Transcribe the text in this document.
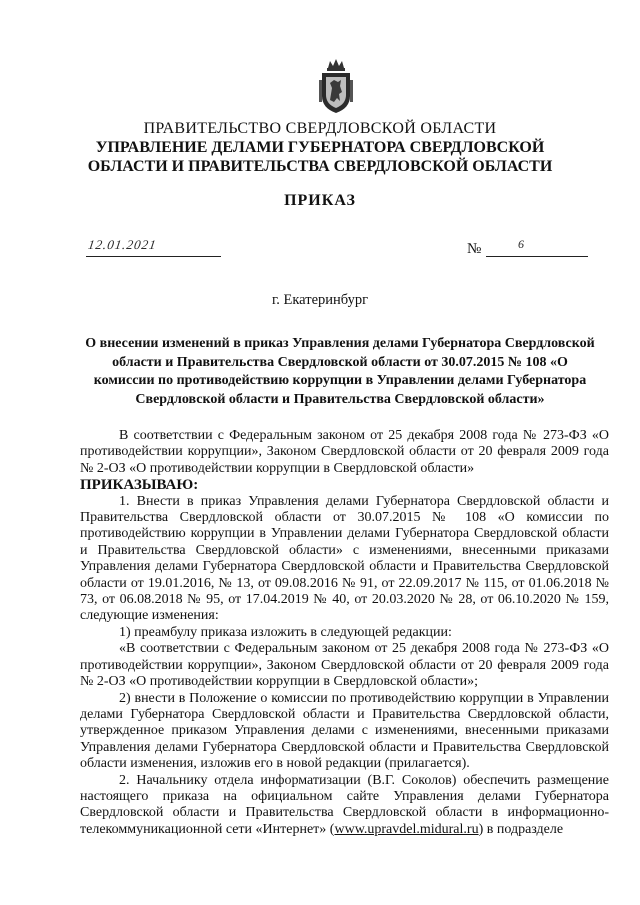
ПРАВИТЕЛЬСТВО СВЕРДЛОВСКОЙ ОБЛАСТИ
УПРАВЛЕНИЕ ДЕЛАМИ ГУБЕРНАТОРА СВЕРДЛОВСКОЙ
ОБЛАСТИ И ПРАВИТЕЛЬСТВА СВЕРДЛОВСКОЙ ОБЛАСТИ
ПРИКАЗ
12.01.2021	№	6
г. Екатеринбург
О внесении изменений в приказ Управления делами Губернатора Свердловской области и Правительства Свердловской области от 30.07.2015 № 108 «О комиссии по противодействию коррупции в Управлении делами Губернатора Свердловской области и Правительства Свердловской области»

В соответствии с Федеральным законом от 25 декабря 2008 года № 273-ФЗ «О противодействии коррупции», Законом Свердловской области от 20 февраля 2009 года № 2-ОЗ «О противодействии коррупции в Свердловской области»

ПРИКАЗЫВАЮ:

1. Внести в приказ Управления делами Губернатора Свердловской области и Правительства Свердловской области от 30.07.2015 № 108 «О комиссии по противодействию коррупции в Управлении делами Губернатора Свердловской области и Правительства Свердловской области» с изменениями, внесенными приказами Управления делами Губернатора Свердловской области и Правительства Свердловской области от 19.01.2016, № 13, от 09.08.2016 № 91, от 22.09.2017 № 115, от 01.06.2018 № 73, от 06.08.2018 № 95, от 17.04.2019 № 40, от 20.03.2020 № 28, от 06.10.2020 № 159, следующие изменения:

1) преамбулу приказа изложить в следующей редакции:

«В соответствии с Федеральным законом от 25 декабря 2008 года № 273-ФЗ «О противодействии коррупции», Законом Свердловской области от 20 февраля 2009 года № 2-ОЗ «О противодействии коррупции в Свердловской области»;

2) внести в Положение о комиссии по противодействию коррупции в Управлении делами Губернатора Свердловской области и Правительства Свердловской области, утвержденное приказом Управления делами с изменениями, внесенными приказами Управления делами Губернатора Свердловской области и Правительства Свердловской области изменения, изложив его в новой редакции (прилагается).

2. Начальнику отдела информатизации (В.Г. Соколов) обеспечить размещение настоящего приказа на официальном сайте Управления делами Губернатора Свердловской области и Правительства Свердловской области в информационно-телекоммуникационной сети «Интернет» (www.upravdel.midural.ru) в подразделе
